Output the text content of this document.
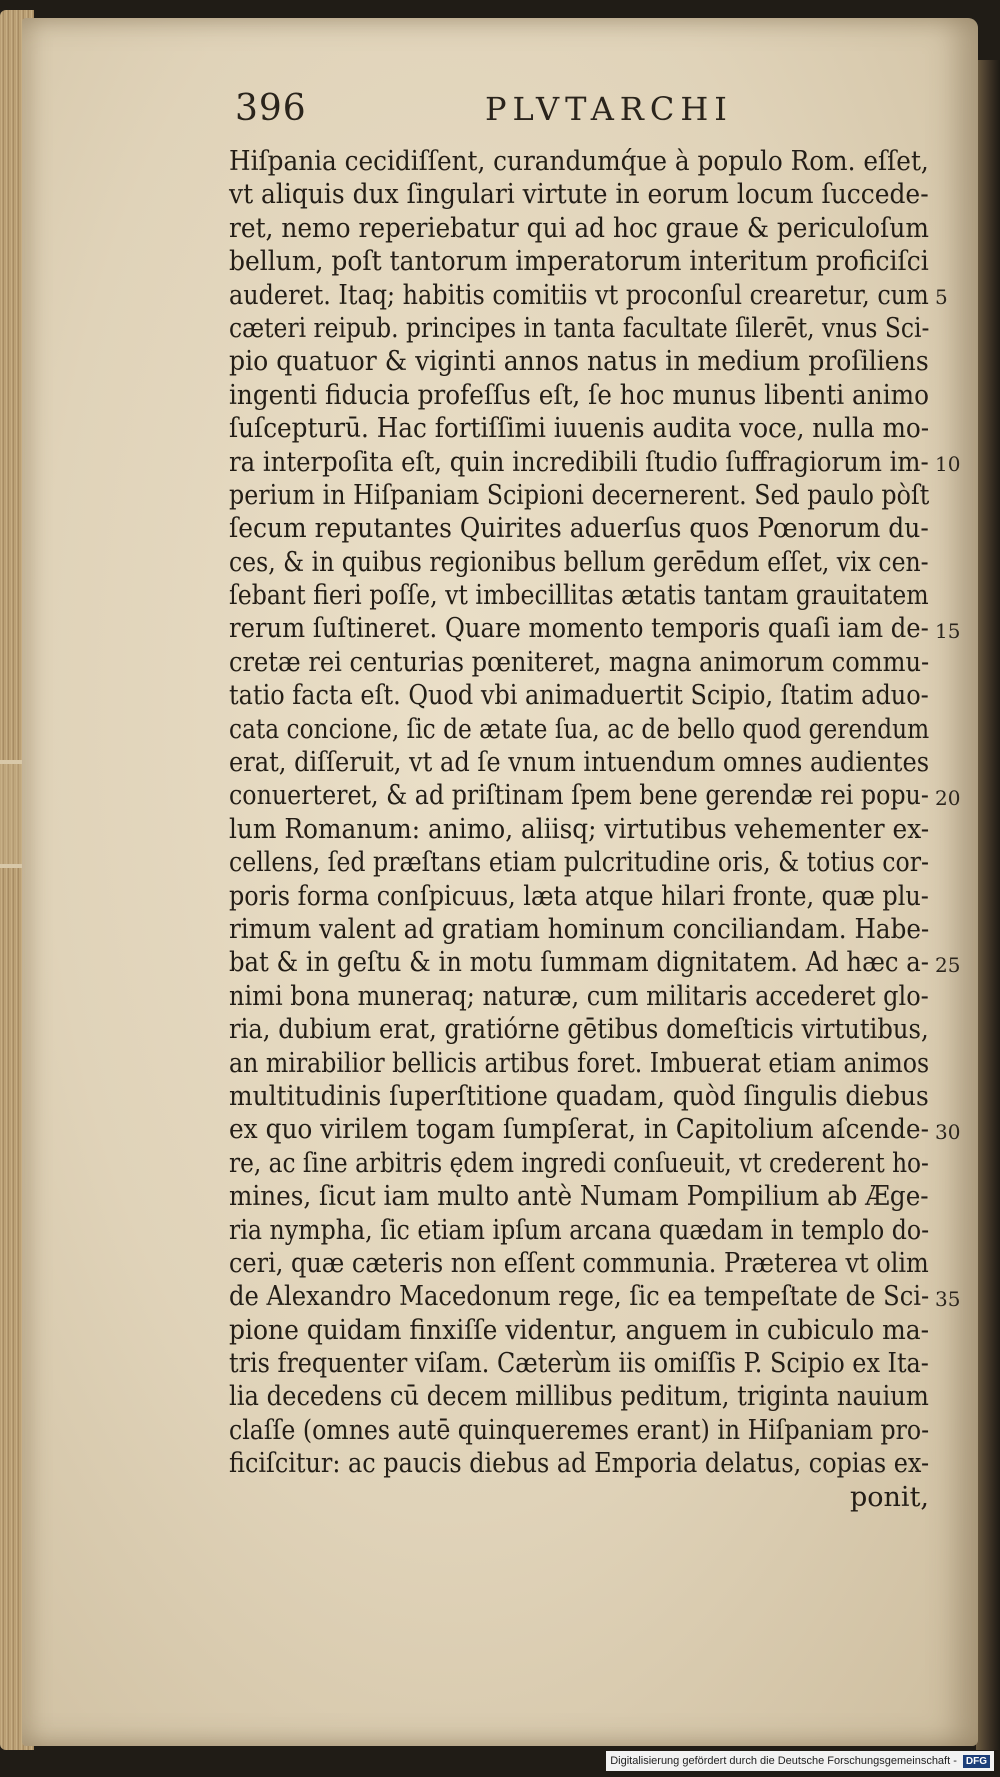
396	PLVTARCHI
Hiſpania cecidiſſent, curandumq́ue à populo Rom. eſſet,
vt aliquis dux ſingulari virtute in eorum locum ſuccede-
ret, nemo reperiebatur qui ad hoc graue & periculoſum
bellum, poſt tantorum imperatorum interitum proficiſci
auderet. Itaq; habitis comitiis vt proconſul crearetur, cum
cæteri reipub. principes in tanta facultate ſilerēt, vnus Sci-
pio quatuor & viginti annos natus in medium proſiliens
ingenti fiducia profeſſus eſt, ſe hoc munus libenti animo
ſuſcepturū. Hac fortiſſimi iuuenis audita voce, nulla mo-
ra interpoſita eſt, quin incredibili ſtudio ſuffragiorum im-
perium in Hiſpaniam Scipioni decernerent. Sed paulo pòſt
ſecum reputantes Quirites aduerſus quos Pœnorum du-
ces, & in quibus regionibus bellum gerēdum eſſet, vix cen-
ſebant fieri poſſe, vt imbecillitas ætatis tantam grauitatem
rerum ſuſtineret. Quare momento temporis quaſi iam de-
cretæ rei centurias pœniteret, magna animorum commu-
tatio facta eſt. Quod vbi animaduertit Scipio, ſtatim aduo-
cata concione, ſic de ætate ſua, ac de bello quod gerendum
erat, diſſeruit, vt ad ſe vnum intuendum omnes audientes
conuerteret, & ad priſtinam ſpem bene gerendæ rei popu-
lum Romanum: animo, aliisq; virtutibus vehementer ex-
cellens, ſed præſtans etiam pulcritudine oris, & totius cor-
poris forma conſpicuus, læta atque hilari fronte, quæ plu-
rimum valent ad gratiam hominum conciliandam. Habe-
bat & in geſtu & in motu ſummam dignitatem. Ad hæc a-
nimi bona muneraq; naturæ, cum militaris accederet glo-
ria, dubium erat, gratiórne gētibus domeſticis virtutibus,
an mirabilior bellicis artibus foret. Imbuerat etiam animos
multitudinis ſuperſtitione quadam, quòd ſingulis diebus
ex quo virilem togam ſumpſerat, in Capitolium aſcende-
re, ac ſine arbitris ędem ingredi conſueuit, vt crederent ho-
mines, ſicut iam multo antè Numam Pompilium ab Æge-
ria nympha, ſic etiam ipſum arcana quædam in templo do-
ceri, quæ cæteris non eſſent communia. Præterea vt olim
de Alexandro Macedonum rege, ſic ea tempeſtate de Sci-
pione quidam finxiſſe videntur, anguem in cubiculo ma-
tris frequenter viſam. Cæterùm iis omiſſis P. Scipio ex Ita-
lia decedens cū decem millibus peditum, triginta nauium
claſſe (omnes autē quinqueremes erant) in Hiſpaniam pro-
ficiſcitur: ac paucis diebus ad Emporia delatus, copias ex-
ponit,
5
10
15
20
25
30
35
Digitalisierung gefördert durch die Deutsche Forschungsgemeinschaft - DFG
